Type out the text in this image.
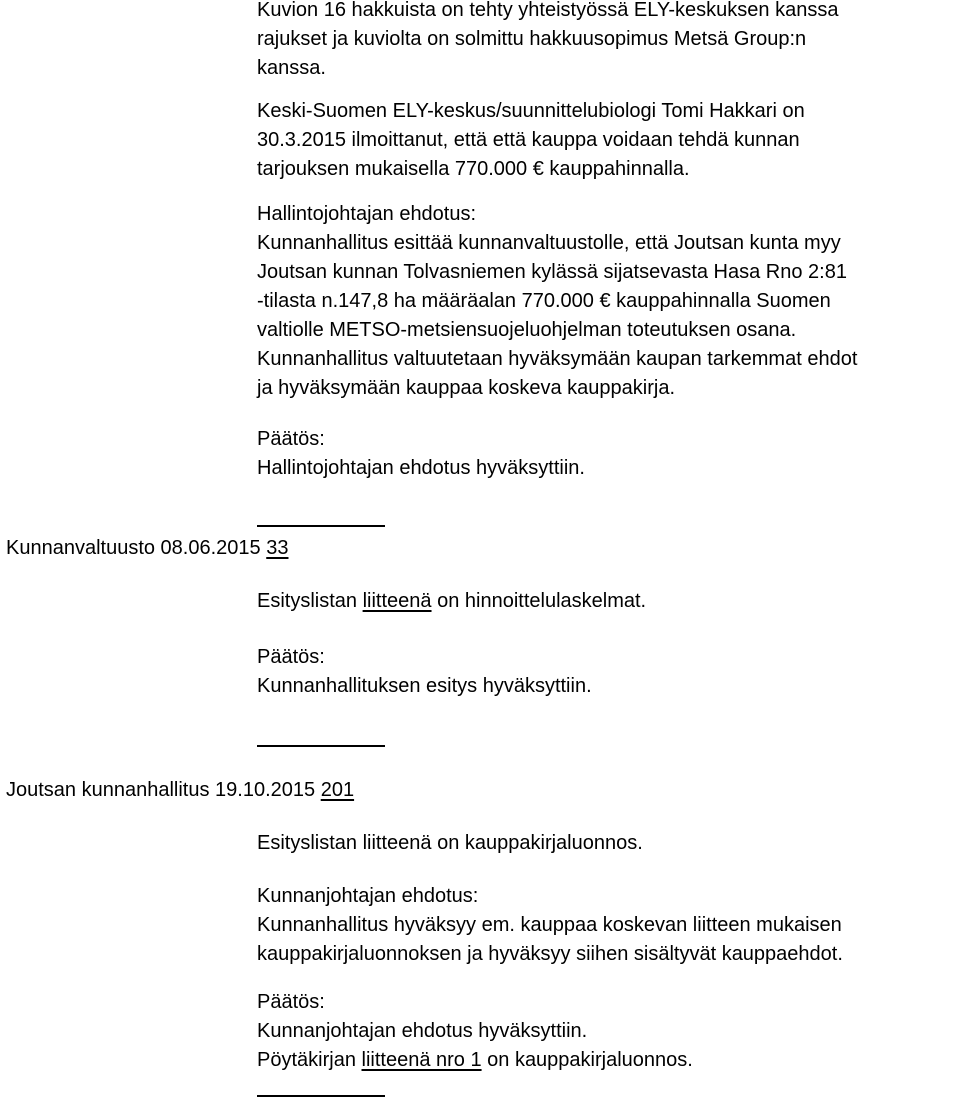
Kuvion 16 hakkuista on tehty yhteistyössä ELY-keskuksen kanssa

rajukset ja kuviolta on solmittu hakkuusopimus Metsä Group:n

kanssa.

Keski-Suomen ELY-keskus/suunnittelubiologi Tomi Hakkari on

30.3.2015 ilmoittanut, että että kauppa voidaan tehdä kunnan

tarjouksen mukaisella 770.000 € kauppahinnalla.

Hallintojohtajan ehdotus:

Kunnanhallitus esittää kunnanvaltuustolle, että Joutsan kunta myy

Joutsan kunnan Tolvasniemen kylässä sijatsevasta Hasa Rno 2:81

-tilasta n.147,8 ha määräalan 770.000 € kauppahinnalla Suomen

valtiolle METSO-metsiensuojeluohjelman toteutuksen osana.

Kunnanhallitus valtuutetaan hyväksymään kaupan tarkemmat ehdot

ja hyväksymään kauppaa koskeva kauppakirja.

Päätös:

Hallintojohtajan ehdotus hyväksyttiin.

Kunnanvaltuusto 08.06.2015 33

Esityslistan liitteenä on hinnoittelulaskelmat.

Päätös:

Kunnanhallituksen esitys hyväksyttiin.

Joutsan kunnanhallitus 19.10.2015 201

Esityslistan liitteenä on kauppakirjaluonnos.

Kunnanjohtajan ehdotus:

Kunnanhallitus hyväksyy em. kauppaa koskevan liitteen mukaisen

kauppakirjaluonnoksen ja hyväksyy siihen sisältyvät kauppaehdot.

Päätös:

Kunnanjohtajan ehdotus hyväksyttiin.

Pöytäkirjan liitteenä nro 1 on kauppakirjaluonnos.
